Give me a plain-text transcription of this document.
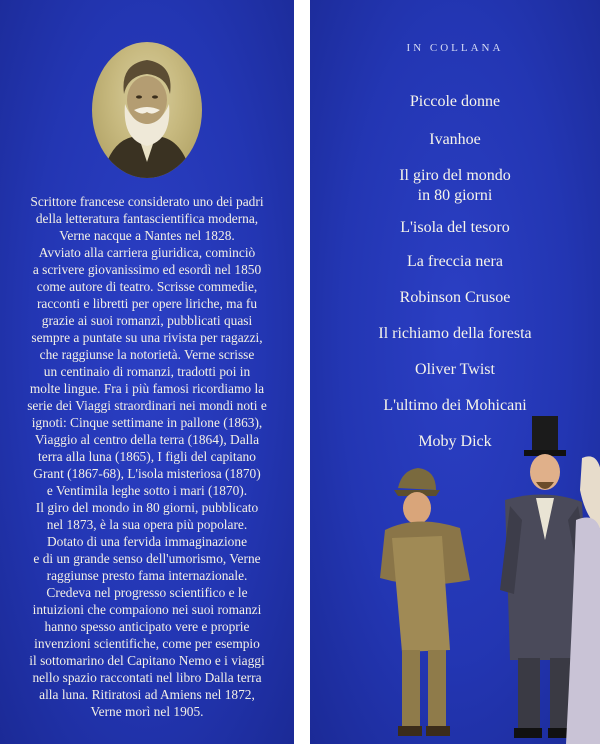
Scrittore francese considerato uno dei padri
della letteratura fantascientifica moderna,
Verne nacque a Nantes nel 1828.
Avviato alla carriera giuridica, cominciò
a scrivere giovanissimo ed esordì nel 1850
come autore di teatro. Scrisse commedie,
racconti e libretti per opere liriche, ma fu
grazie ai suoi romanzi, pubblicati quasi
sempre a puntate su una rivista per ragazzi,
che raggiunse la notorietà. Verne scrisse
un centinaio di romanzi, tradotti poi in
molte lingue. Fra i più famosi ricordiamo la
serie dei Viaggi straordinari nei mondi noti e
ignoti: Cinque settimane in pallone (1863),
Viaggio al centro della terra (1864), Dalla
terra alla luna (1865), I figli del capitano
Grant (1867-68), L'isola misteriosa (1870)
e Ventimila leghe sotto i mari (1870).
Il giro del mondo in 80 giorni, pubblicato
nel 1873, è la sua opera più popolare.
Dotato di una fervida immaginazione
e di un grande senso dell'umorismo, Verne
raggiunse presto fama internazionale.
Credeva nel progresso scientifico e le
intuizioni che compaiono nei suoi romanzi
hanno spesso anticipato vere e proprie
invenzioni scientifiche, come per esempio
il sottomarino del Capitano Nemo e i viaggi
nello spazio raccontati nel libro Dalla terra
alla luna. Ritiratosi ad Amiens nel 1872,
Verne morì nel 1905.
IN COLLANA
Piccole donne
Ivanhoe
Il giro del mondo
in 80 giorni
L'isola del tesoro
La freccia nera
Robinson Crusoe
Il richiamo della foresta
Oliver Twist
L'ultimo dei Mohicani
Moby Dick
